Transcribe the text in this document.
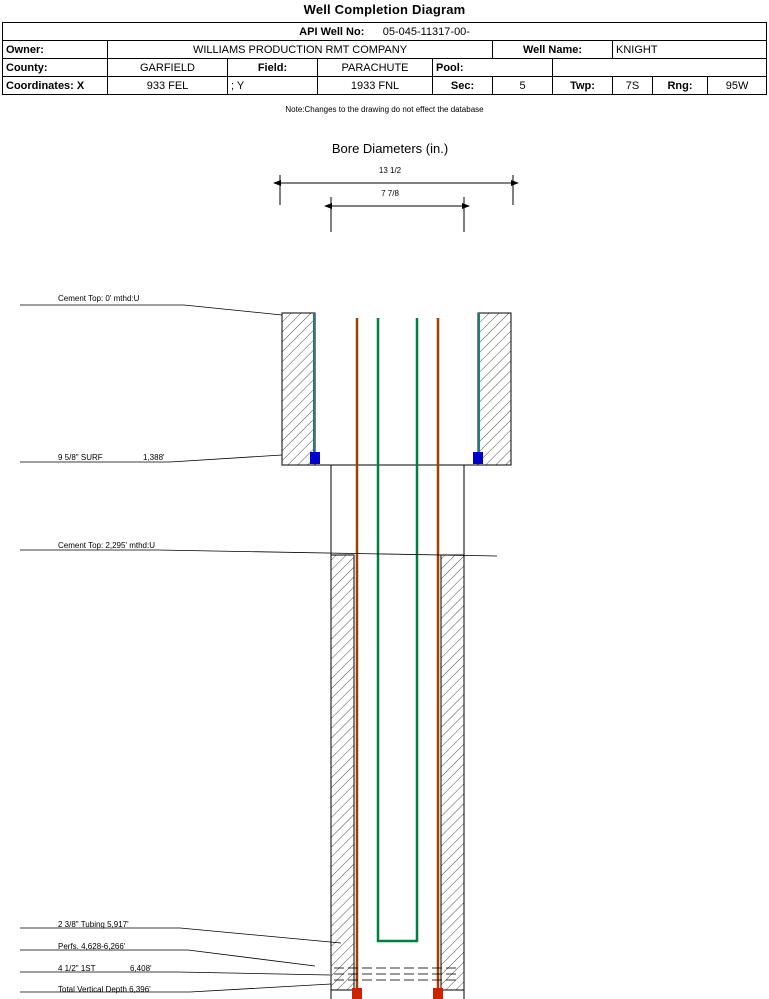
Well Completion Diagram
API Well No: 05-045-11317-00-									
Owner:	WILLIAMS PRODUCTION RMT COMPANY				Well Name:		KNIGHT		
County:	GARFIELD	Field:	PARACHUTE	Pool:					
Coordinates: X	933 FEL	; Y	1933 FNL	Sec:	5	Twp:	7S	Rng:	95W
Note:Changes to the drawing do not effect the database
Bore Diameters (in.)
13 1/2
7 7/8
Cement Top: 0' mthd:U
9 5/8" SURF	1,388'
Cement Top: 2,295' mthd:U
2 3/8" Tubing 5,917'
Perfs. 4,628-6,266'
4 1/2" 1ST	6,408'
Total Vertical Depth 6,396'
